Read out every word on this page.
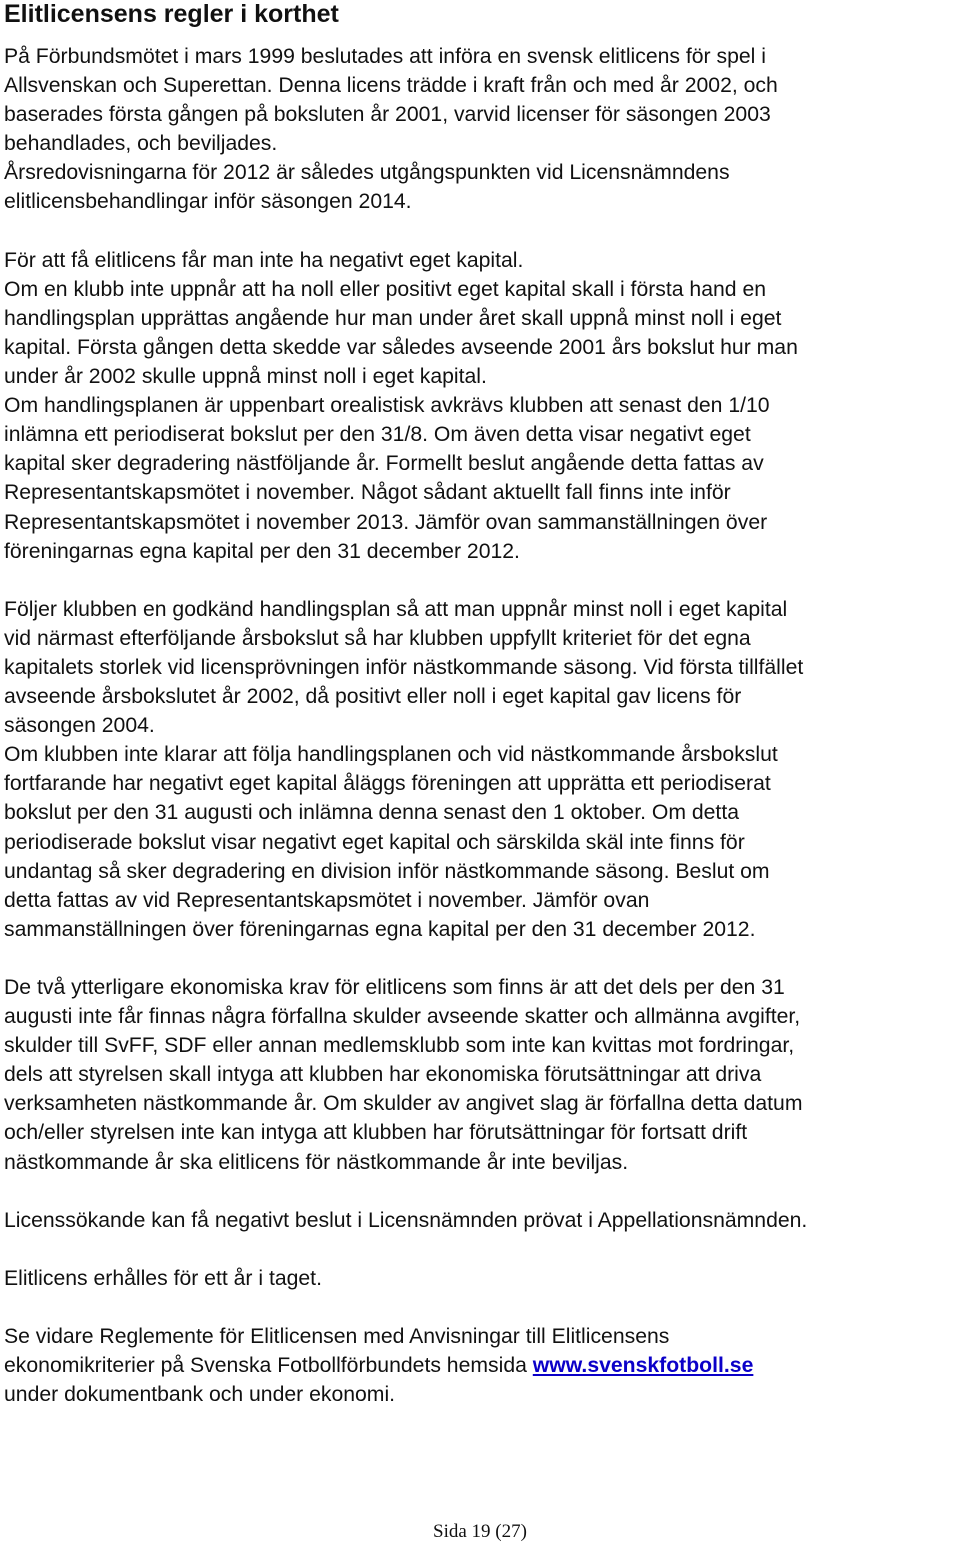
Elitlicensens regler i korthet

På Förbundsmötet i mars 1999 beslutades att införa en svensk elitlicens för spel i
Allsvenskan och Superettan. Denna licens trädde i kraft från och med år 2002, och
baserades första gången på boksluten år 2001, varvid licenser för säsongen 2003
behandlades, och beviljades.
Årsredovisningarna för 2012 är således utgångspunkten vid Licensnämndens
elitlicensbehandlingar inför säsongen 2014.

För att få elitlicens får man inte ha negativt eget kapital.
Om en klubb inte uppnår att ha noll eller positivt eget kapital skall i första hand en
handlingsplan upprättas angående hur man under året skall uppnå minst noll i eget
kapital. Första gången detta skedde var således avseende 2001 års bokslut hur man
under år 2002 skulle uppnå minst noll i eget kapital.
Om handlingsplanen är uppenbart orealistisk avkrävs klubben att senast den 1/10
inlämna ett periodiserat bokslut per den 31/8. Om även detta visar negativt eget
kapital sker degradering nästföljande år. Formellt beslut angående detta fattas av
Representantskapsmötet i november. Något sådant aktuellt fall finns inte inför
Representantskapsmötet i november 2013. Jämför ovan sammanställningen över
föreningarnas egna kapital per den 31 december 2012.

Följer klubben en godkänd handlingsplan så att man uppnår minst noll i eget kapital
vid närmast efterföljande årsbokslut så har klubben uppfyllt kriteriet för det egna
kapitalets storlek vid licensprövningen inför nästkommande säsong. Vid första tillfället
avseende årsbokslutet år 2002, då positivt eller noll i eget kapital gav licens för
säsongen 2004.
Om klubben inte klarar att följa handlingsplanen och vid nästkommande årsbokslut
fortfarande har negativt eget kapital åläggs föreningen att upprätta ett periodiserat
bokslut per den 31 augusti och inlämna denna senast den 1 oktober. Om detta
periodiserade bokslut visar negativt eget kapital och särskilda skäl inte finns för
undantag så sker degradering en division inför nästkommande säsong. Beslut om
detta fattas av vid Representantskapsmötet i november. Jämför ovan
sammanställningen över föreningarnas egna kapital per den 31 december 2012.

De två ytterligare ekonomiska krav för elitlicens som finns är att det dels per den 31
augusti inte får finnas några förfallna skulder avseende skatter och allmänna avgifter,
skulder till SvFF, SDF eller annan medlemsklubb som inte kan kvittas mot fordringar,
dels att styrelsen skall intyga att klubben har ekonomiska förutsättningar att driva
verksamheten nästkommande år. Om skulder av angivet slag är förfallna detta datum
och/eller styrelsen inte kan intyga att klubben har förutsättningar för fortsatt drift
nästkommande år ska elitlicens för nästkommande år inte beviljas.

Licenssökande kan få negativt beslut i Licensnämnden prövat i Appellationsnämnden.

Elitlicens erhålles för ett år i taget.

Se vidare Reglemente för Elitlicensen med Anvisningar till Elitlicensens
ekonomikriterier på Svenska Fotbollförbundets hemsida www.svenskfotboll.se
under dokumentbank och under ekonomi.

Sida 19 (27)
